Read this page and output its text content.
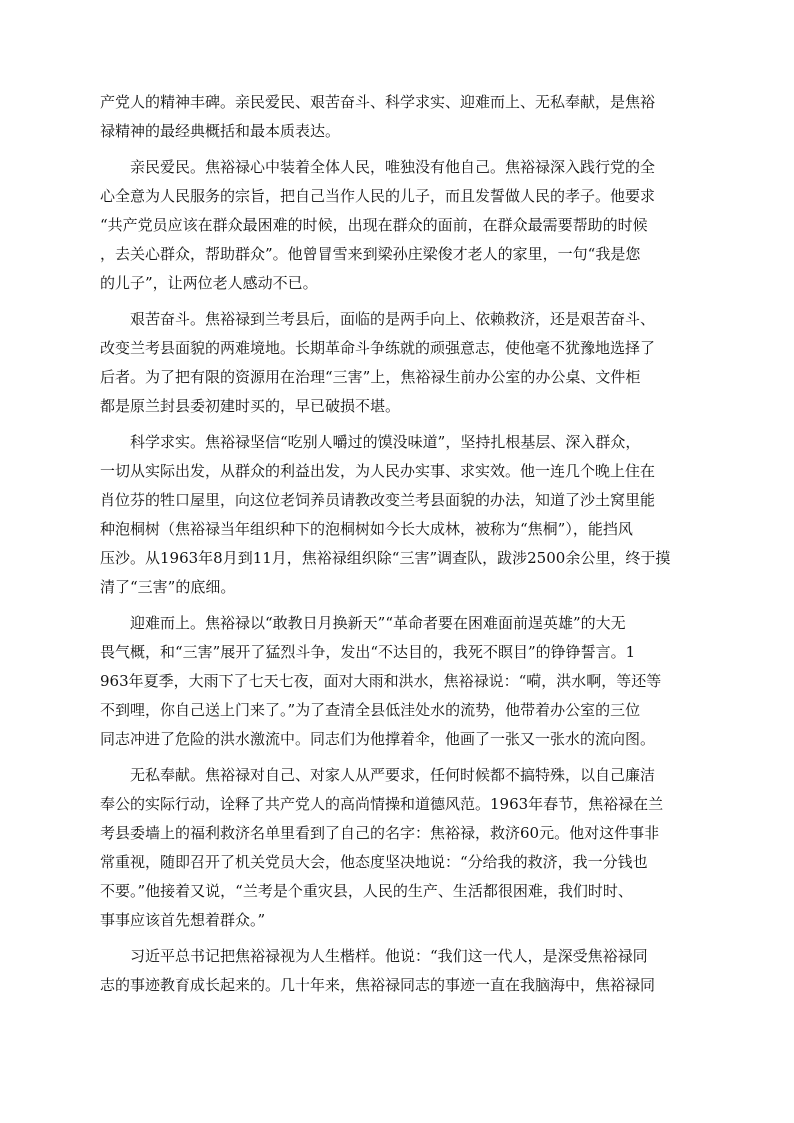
产党人的精神丰碑。亲民爱民、艰苦奋斗、科学求实、迎难而上、无私奉献，是焦裕
禄精神的最经典概括和最本质表达。
　　亲民爱民。焦裕禄心中装着全体人民，唯独没有他自己。焦裕禄深入践行党的全
心全意为人民服务的宗旨，把自己当作人民的儿子，而且发誓做人民的孝子。他要求
“共产党员应该在群众最困难的时候，出现在群众的面前，在群众最需要帮助的时候
，去关心群众，帮助群众”。他曾冒雪来到梁孙庄梁俊才老人的家里，一句“我是您
的儿子”，让两位老人感动不已。
　　艰苦奋斗。焦裕禄到兰考县后，面临的是两手向上、依赖救济，还是艰苦奋斗、
改变兰考县面貌的两难境地。长期革命斗争练就的顽强意志，使他毫不犹豫地选择了
后者。为了把有限的资源用在治理“三害”上，焦裕禄生前办公室的办公桌、文件柜
都是原兰封县委初建时买的，早已破损不堪。
　　科学求实。焦裕禄坚信“吃别人嚼过的馍没味道”，坚持扎根基层、深入群众，
一切从实际出发，从群众的利益出发，为人民办实事、求实效。他一连几个晚上住在
肖位芬的牲口屋里，向这位老饲养员请教改变兰考县面貌的办法，知道了沙土窝里能
种泡桐树（焦裕禄当年组织种下的泡桐树如今长大成林，被称为“焦桐”），能挡风
压沙。从1963年8月到11月，焦裕禄组织除“三害”调查队，跋涉2500余公里，终于摸
清了“三害”的底细。
　　迎难而上。焦裕禄以“敢教日月换新天”“革命者要在困难面前逞英雄”的大无
畏气概，和“三害”展开了猛烈斗争，发出“不达目的，我死不瞑目”的铮铮誓言。1
963年夏季，大雨下了七天七夜，面对大雨和洪水，焦裕禄说：“嗬，洪水啊，等还等
不到哩，你自己送上门来了。”为了查清全县低洼处水的流势，他带着办公室的三位
同志冲进了危险的洪水激流中。同志们为他撑着伞，他画了一张又一张水的流向图。
　　无私奉献。焦裕禄对自己、对家人从严要求，任何时候都不搞特殊，以自己廉洁
奉公的实际行动，诠释了共产党人的高尚情操和道德风范。1963年春节，焦裕禄在兰
考县委墙上的福利救济名单里看到了自己的名字：焦裕禄，救济60元。他对这件事非
常重视，随即召开了机关党员大会，他态度坚决地说：“分给我的救济，我一分钱也
不要。”他接着又说，“兰考是个重灾县，人民的生产、生活都很困难，我们时时、
事事应该首先想着群众。”
　　习近平总书记把焦裕禄视为人生楷样。他说：“我们这一代人，是深受焦裕禄同
志的事迹教育成长起来的。几十年来，焦裕禄同志的事迹一直在我脑海中，焦裕禄同
